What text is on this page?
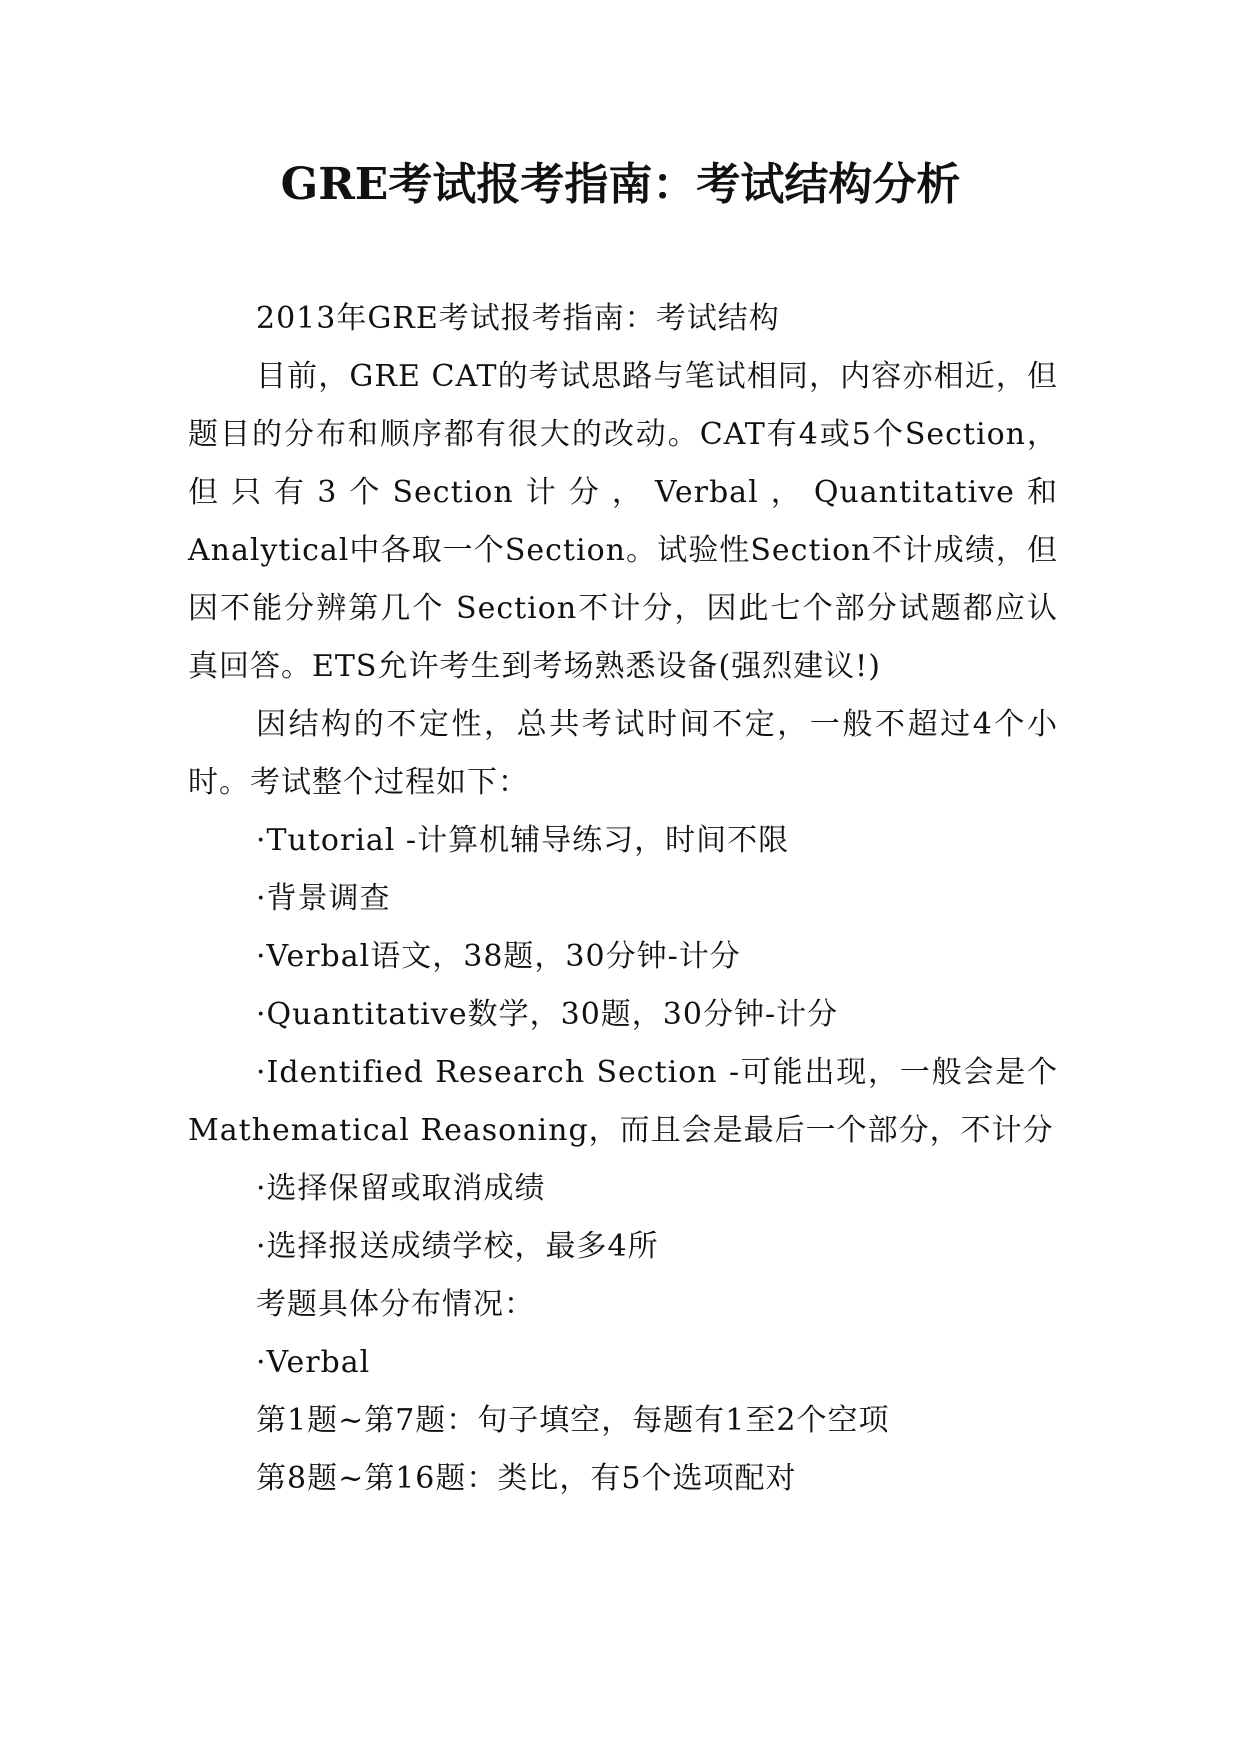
GRE考试报考指南：考试结构分析

2013年GRE考试报考指南：考试结构

目前，GRE CAT的考试思路与笔试相同，内容亦相近，但题目的分布和顺序都有很大的改动。CAT有4或5个Section，但只有3个Section计分，Verbal，Quantitative和Analytical中各取一个Section。试验性Section不计成绩，但因不能分辨第几个 Section不计分，因此七个部分试题都应认真回答。ETS允许考生到考场熟悉设备(强烈建议!)

因结构的不定性，总共考试时间不定，一般不超过4个小时。考试整个过程如下：

·Tutorial -计算机辅导练习，时间不限

·背景调查

·Verbal语文，38题，30分钟-计分

·Quantitative数学，30题，30分钟-计分

·Identified Research Section -可能出现，一般会是个Mathematical Reasoning，而且会是最后一个部分，不计分

·选择保留或取消成绩

·选择报送成绩学校，最多4所

考题具体分布情况：

·Verbal

第1题~第7题：句子填空，每题有1至2个空项

第8题~第16题：类比，有5个选项配对
